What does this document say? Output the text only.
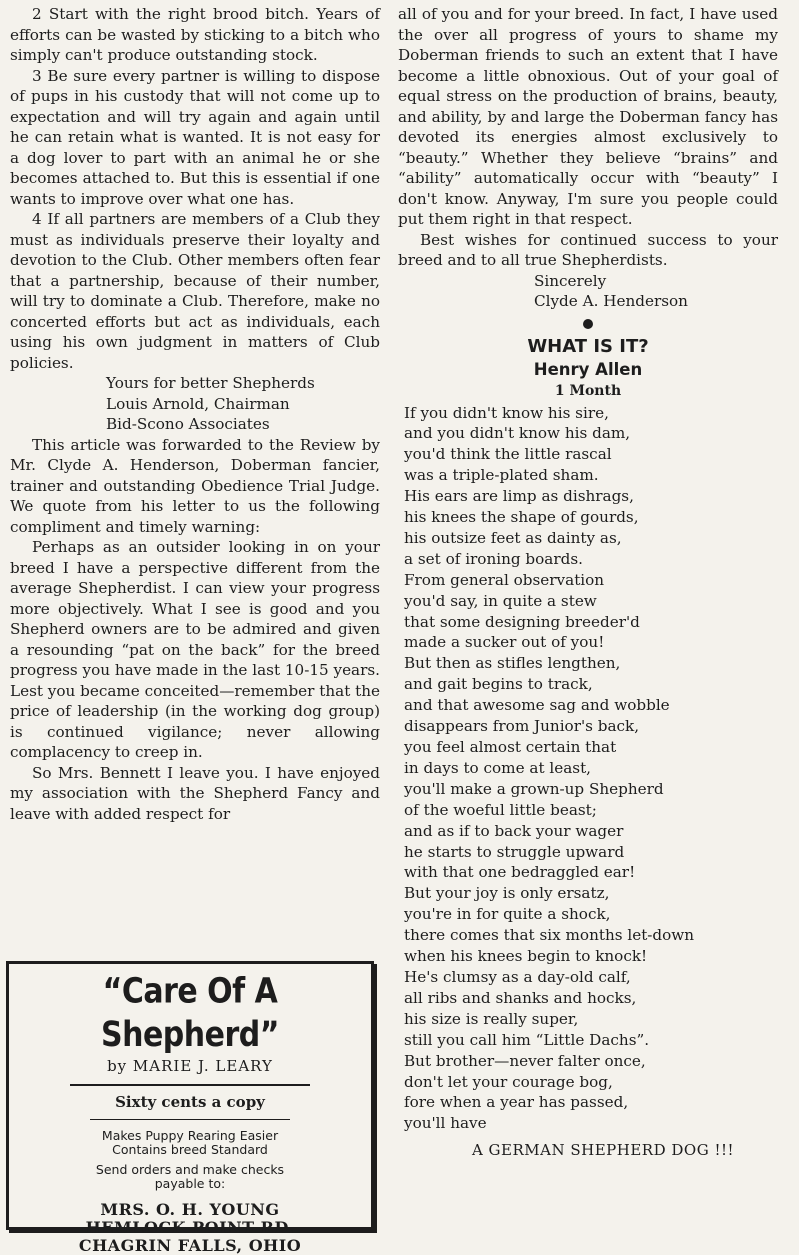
2 Start with the right brood bitch. Years of efforts can be wasted by sticking to a bitch who simply can't produce outstanding stock.

3 Be sure every partner is willing to dispose of pups in his custody that will not come up to expectation and will try again and again until he can retain what is wanted. It is not easy for a dog lover to part with an animal he or she becomes attached to. But this is essential if one wants to improve over what one has.

4 If all partners are members of a Club they must as individuals preserve their loyalty and devotion to the Club. Other members often fear that a partnership, because of their number, will try to dominate a Club. Therefore, make no concerted efforts but act as individuals, each using his own judgment in matters of Club policies.

Yours for better Shepherds
Louis Arnold, Chairman
Bid-Scono Associates

This article was forwarded to the Review by Mr. Clyde A. Henderson, Doberman fancier, trainer and outstanding Obedience Trial Judge. We quote from his letter to us the following compliment and timely warning:

Perhaps as an outsider looking in on your breed I have a perspective different from the average Shepherdist. I can view your progress more objectively. What I see is good and you Shepherd owners are to be admired and given a resounding “pat on the back” for the breed progress you have made in the last 10-15 years. Lest you became conceited—remember that the price of leadership (in the working dog group) is continued vigilance; never allowing complacency to creep in.

So Mrs. Bennett I leave you. I have enjoyed my association with the Shepherd Fancy and leave with added respect for

“Care Of A Shepherd”
by MARIE J. LEARY
Sixty cents a copy
Makes Puppy Rearing Easier
Contains breed Standard
Send orders and make checks
payable to:
MRS. O. H. YOUNG
HEMLOCK POINT RD.
CHAGRIN FALLS, OHIO

all of you and for your breed. In fact, I have used the over all progress of yours to shame my Doberman friends to such an extent that I have become a little obnoxious. Out of your goal of equal stress on the production of brains, beauty, and ability, by and large the Doberman fancy has devoted its energies almost exclusively to “beauty.” Whether they believe “brains” and “ability” automatically occur with “beauty” I don't know. Anyway, I'm sure you people could put them right in that respect.

Best wishes for continued success to your breed and to all true Shepherdists.

Sincerely
Clyde A. Henderson
WHAT IS IT?
Henry Allen
1 Month
If you didn't know his sire,
and you didn't know his dam,
you'd think the little rascal
was a triple-plated sham.
His ears are limp as dishrags,
his knees the shape of gourds,
his outsize feet as dainty as,
a set of ironing boards.
From general observation
you'd say, in quite a stew
that some designing breeder'd
made a sucker out of you!
But then as stifles lengthen,
and gait begins to track,
and that awesome sag and wobble
disappears from Junior's back,
you feel almost certain that
in days to come at least,
you'll make a grown-up Shepherd
of the woeful little beast;
and as if to back your wager
he starts to struggle upward
with that one bedraggled ear!
But your joy is only ersatz,
you're in for quite a shock,
there comes that six months let-down
when his knees begin to knock!
He's clumsy as a day-old calf,
all ribs and shanks and hocks,
his size is really super,
still you call him “Little Dachs”.
But brother—never falter once,
don't let your courage bog,
fore when a year has passed,
you'll have
A GERMAN SHEPHERD DOG !!!
